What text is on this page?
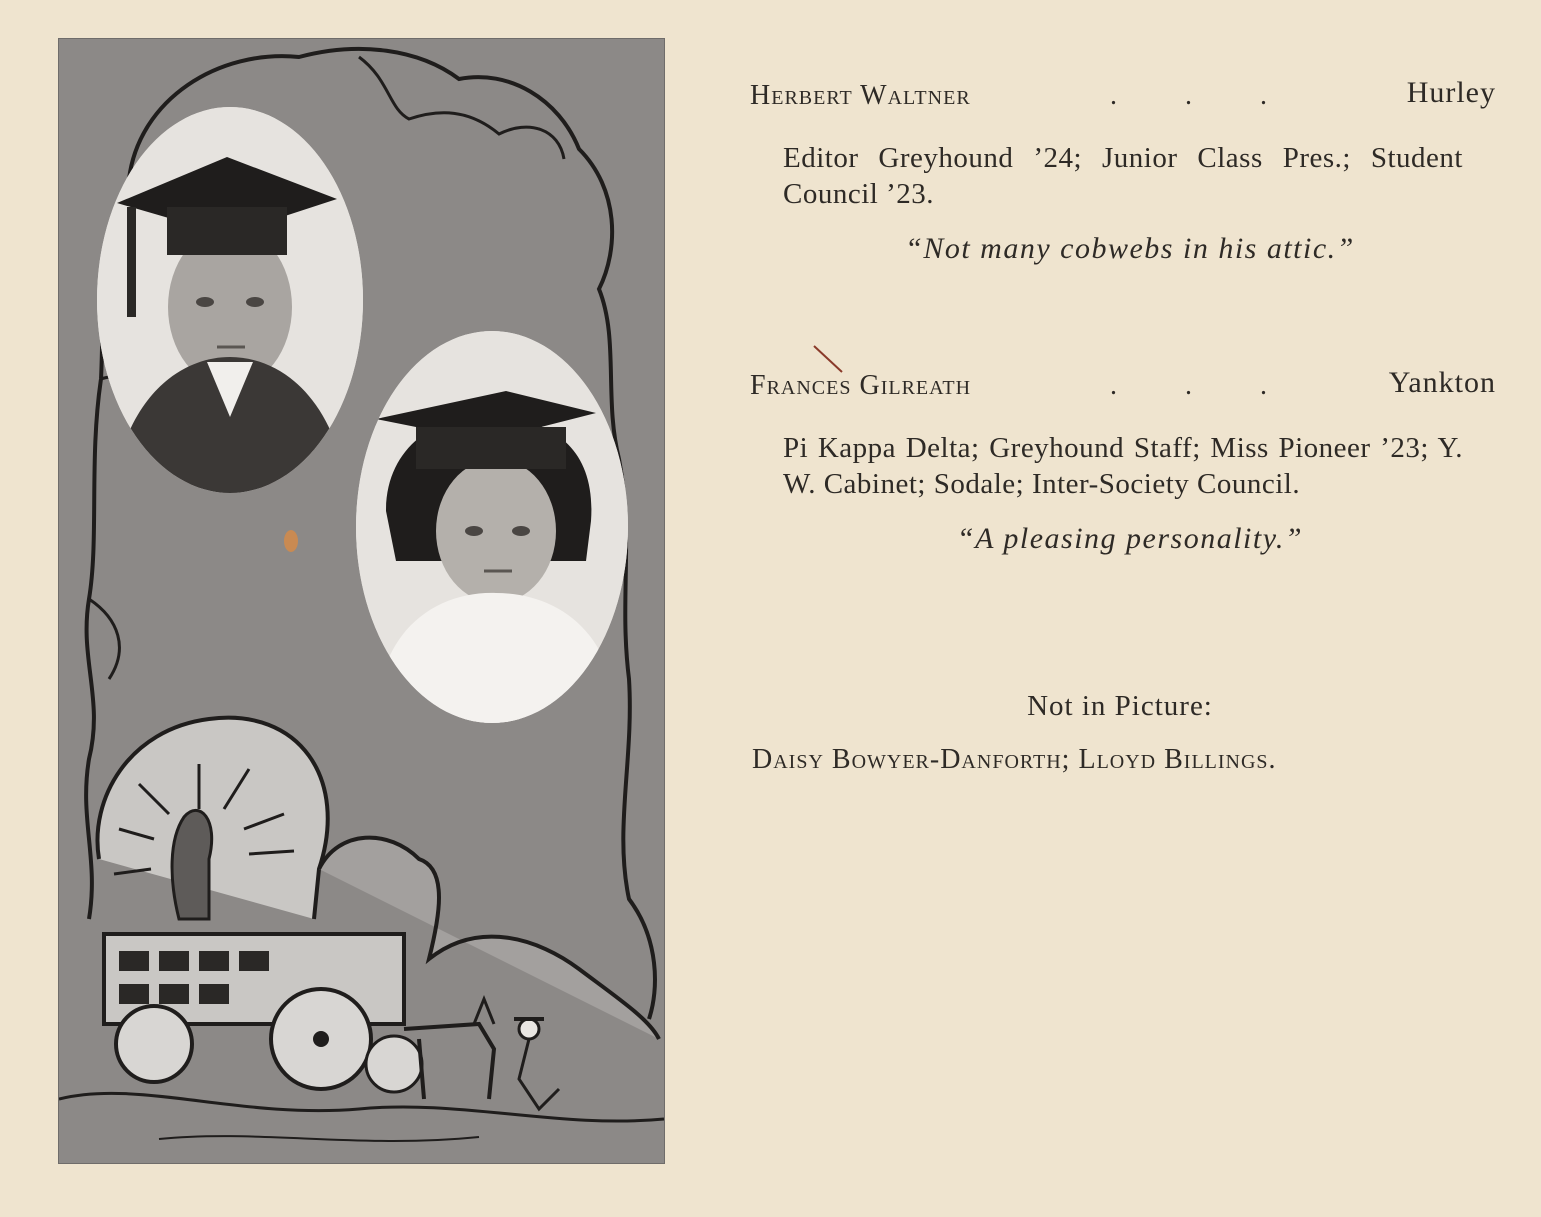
Herbert Waltner	... Hurley
Editor Greyhound ’24; Junior Class Pres.; Student Council ’23.
“Not many cobwebs in his attic.”
Frances Gilreath	... Yankton
Pi Kappa Delta; Greyhound Staff; Miss Pioneer ’23; Y. W. Cabinet; Sodale; Inter-Society Council.
“A pleasing personality.”
Not in Picture:
Daisy Bowyer-Danforth; Lloyd Billings.
